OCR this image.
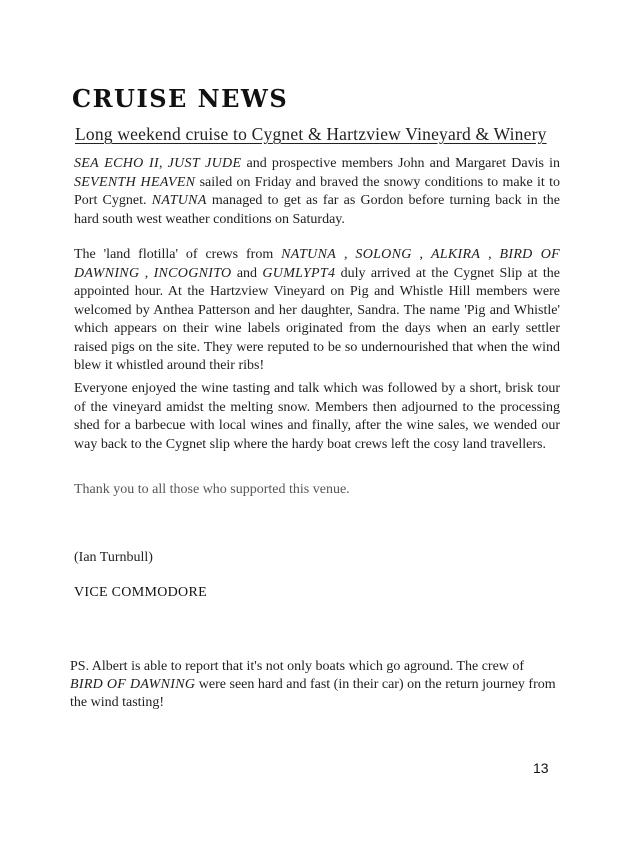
CRUISE NEWS
Long weekend cruise to Cygnet & Hartzview Vineyard & Winery
SEA ECHO II, JUST JUDE and prospective members John and Margaret Davis in SEVENTH HEAVEN sailed on Friday and braved the snowy conditions to make it to Port Cygnet. NATUNA managed to get as far as Gordon before turning back in the hard south west weather conditions on Saturday.
The 'land flotilla' of crews from NATUNA , SOLONG , ALKIRA , BIRD OF DAWNING , INCOGNITO and GUMLYPT4 duly arrived at the Cygnet Slip at the appointed hour. At the Hartzview Vineyard on Pig and Whistle Hill members were welcomed by Anthea Patterson and her daughter, Sandra. The name 'Pig and Whistle' which appears on their wine labels originated from the days when an early settler raised pigs on the site. They were reputed to be so undernourished that when the wind blew it whistled around their ribs!
Everyone enjoyed the wine tasting and talk which was followed by a short, brisk tour of the vineyard amidst the melting snow. Members then adjourned to the processing shed for a barbecue with local wines and finally, after the wine sales, we wended our way back to the Cygnet slip where the hardy boat crews left the cosy land travellers.
Thank you to all those who supported this venue.
(Ian Turnbull)
VICE COMMODORE
PS. Albert is able to report that it's not only boats which go aground. The crew of BIRD OF DAWNING were seen hard and fast (in their car) on the return journey from the wind tasting!
13
